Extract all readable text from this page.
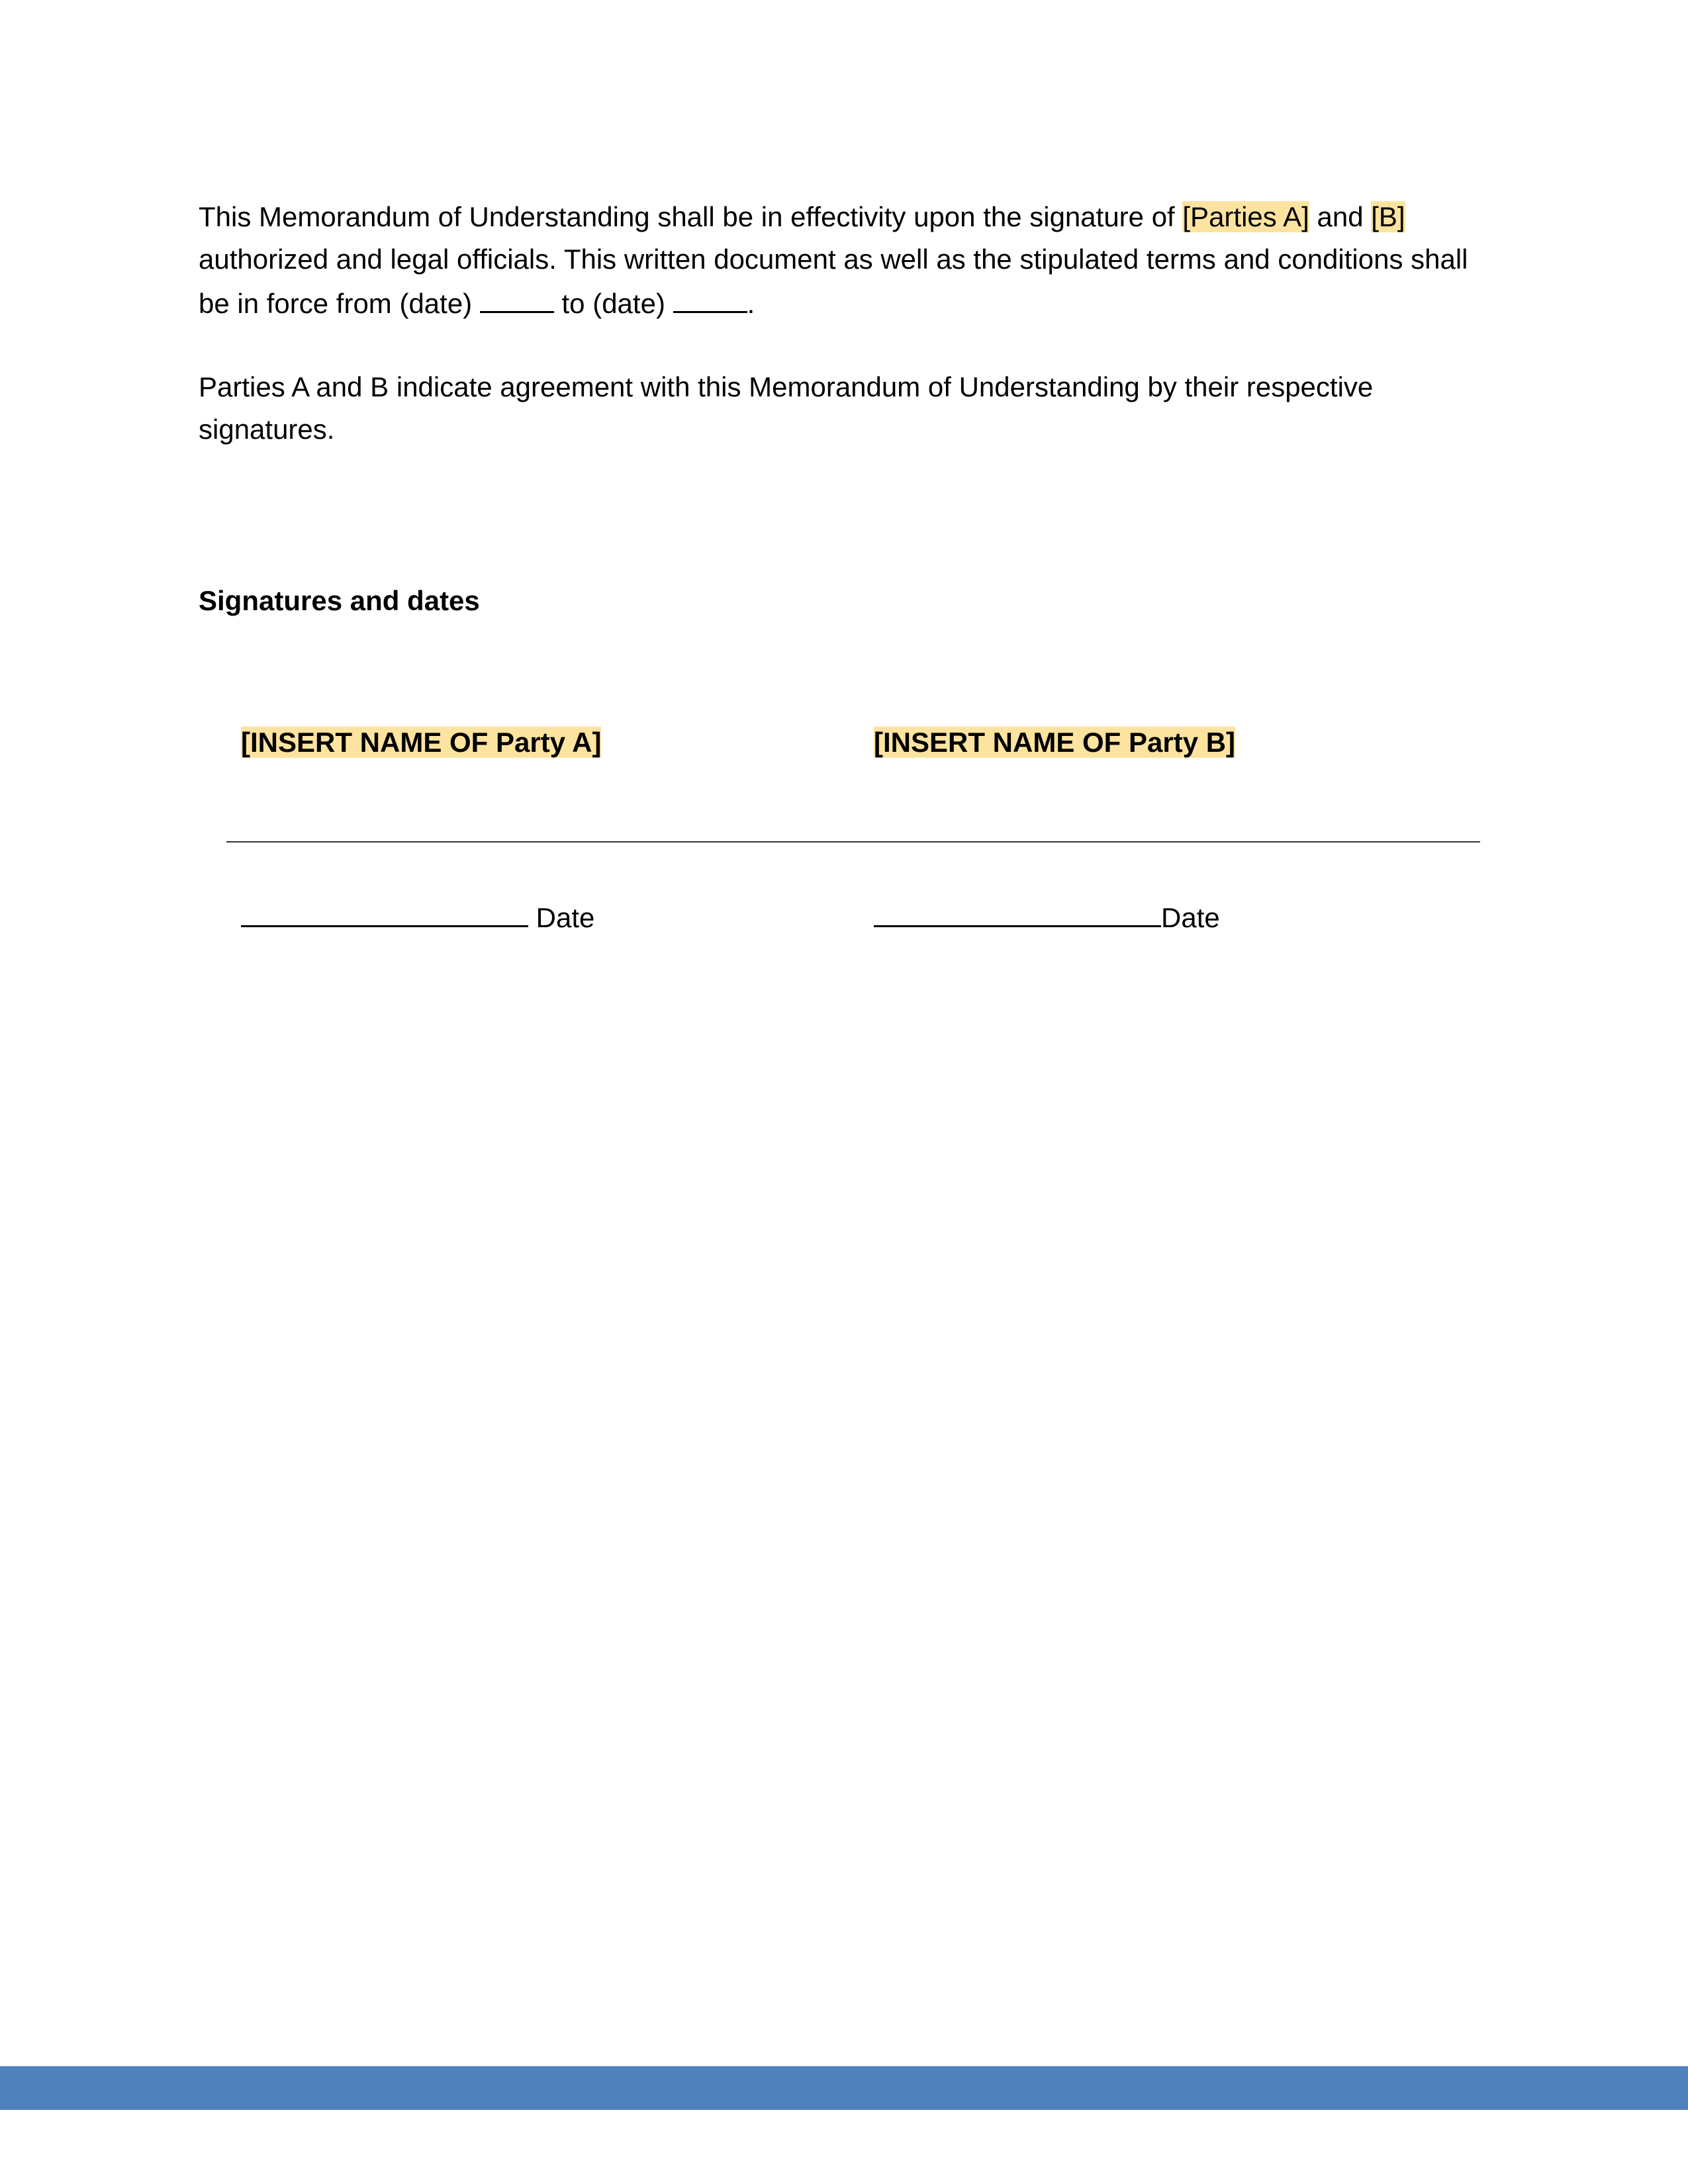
This Memorandum of Understanding shall be in effectivity upon the signature of [Parties A] and [B] authorized and legal officials. This written document as well as the stipulated terms and conditions shall be in force from (date)	to (date)	.

Parties A and B indicate agreement with this Memorandum of Understanding by their respective signatures.

Signatures and dates

[INSERT NAME OF Party A]	[INSERT NAME OF Party B]

Date	Date
